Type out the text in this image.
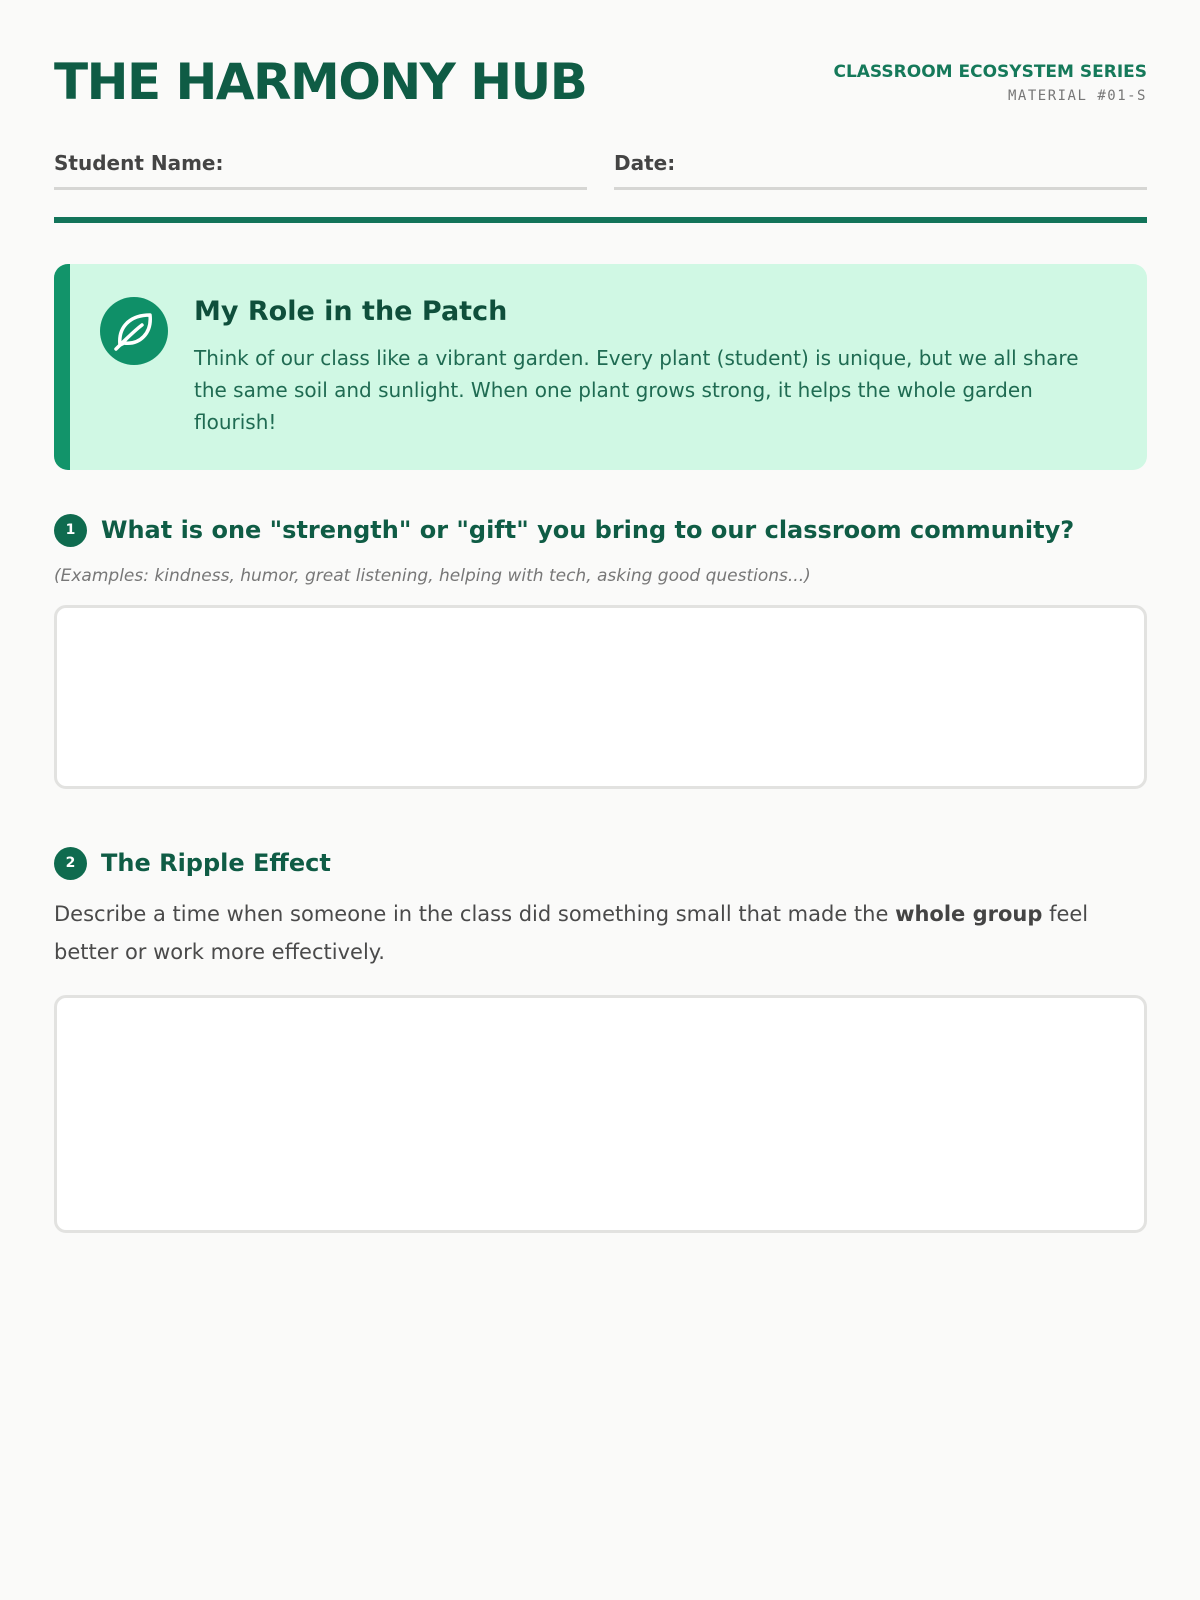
THE HARMONY HUB	CLASSROOM ECOSYSTEM SERIES
MATERIAL #01-S
Student Name:	Date:
My Role in the Patch
Think of our class like a vibrant garden. Every plant (student) is unique, but we all share the same soil and sunlight. When one plant grows strong, it helps the whole garden flourish!
1	What is one "strength" or "gift" you bring to our classroom community?
(Examples: kindness, humor, great listening, helping with tech, asking good questions...)
2	The Ripple Effect
Describe a time when someone in the class did something small that made the whole group feel better or work more effectively.
